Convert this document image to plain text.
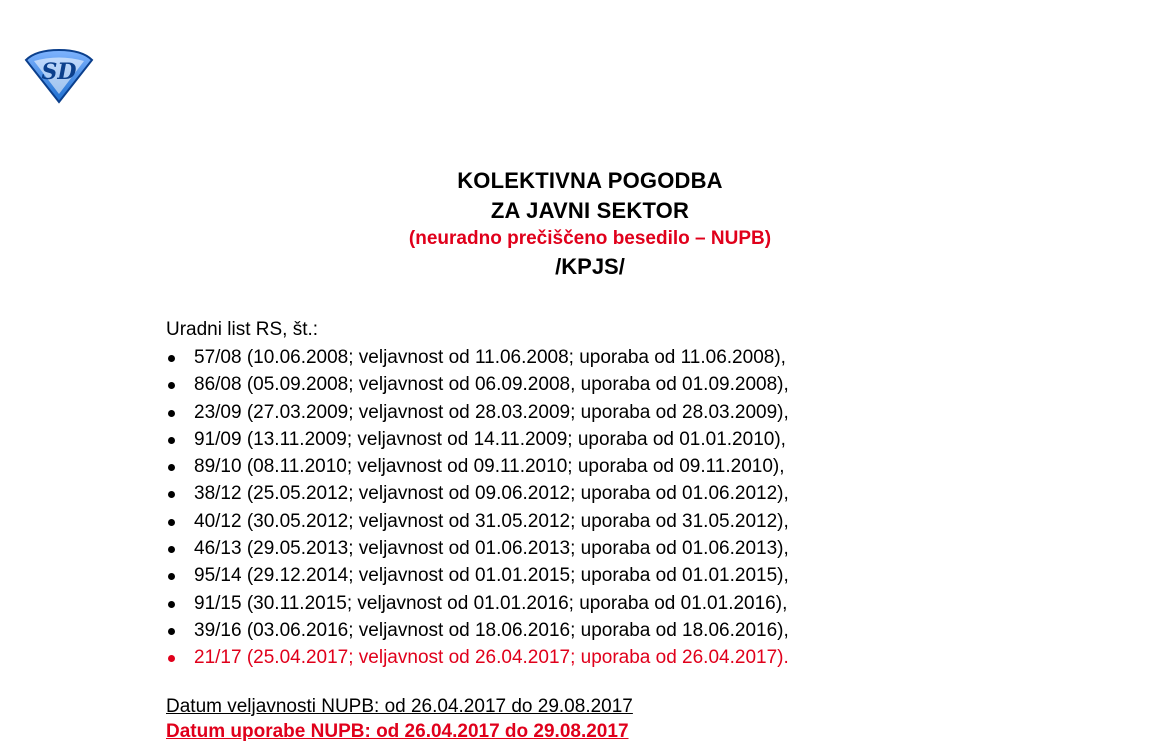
SD
KOLEKTIVNA POGODBA
ZA JAVNI SEKTOR
(neuradno prečiščeno besedilo – NUPB)
/KPJS/
Uradni list RS, št.:
57/08 (10.06.2008; veljavnost od 11.06.2008; uporaba od 11.06.2008),
86/08 (05.09.2008; veljavnost od 06.09.2008, uporaba od 01.09.2008),
23/09 (27.03.2009; veljavnost od 28.03.2009; uporaba od 28.03.2009),
91/09 (13.11.2009; veljavnost od 14.11.2009; uporaba od 01.01.2010),
89/10 (08.11.2010; veljavnost od 09.11.2010; uporaba od 09.11.2010),
38/12 (25.05.2012; veljavnost od 09.06.2012; uporaba od 01.06.2012),
40/12 (30.05.2012; veljavnost od 31.05.2012; uporaba od 31.05.2012),
46/13 (29.05.2013; veljavnost od 01.06.2013; uporaba od 01.06.2013),
95/14 (29.12.2014; veljavnost od 01.01.2015; uporaba od 01.01.2015),
91/15 (30.11.2015; veljavnost od 01.01.2016; uporaba od 01.01.2016),
39/16 (03.06.2016; veljavnost od 18.06.2016; uporaba od 18.06.2016),
21/17 (25.04.2017; veljavnost od 26.04.2017; uporaba od 26.04.2017).
Datum veljavnosti NUPB: od 26.04.2017 do 29.08.2017
Datum uporabe NUPB: od 26.04.2017 do 29.08.2017
